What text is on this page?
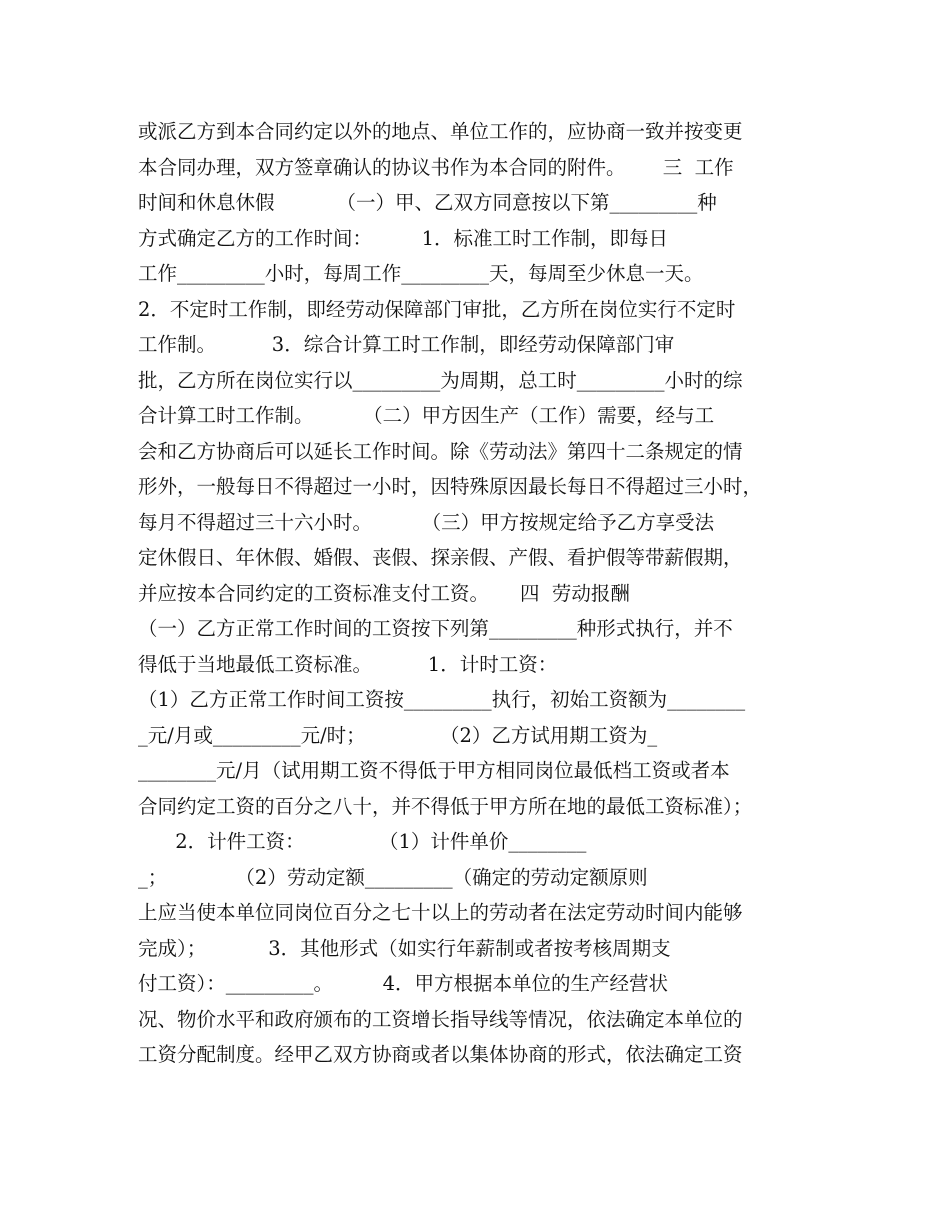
或派乙方到本合同约定以外的地点、单位工作的，应协商一致并按变更
本合同办理，双方签章确认的协议书作为本合同的附件。      三  工作
时间和休息休假          （一）甲、乙双方同意按以下第_________种
方式确定乙方的工作时间：        1．标准工时工作制，即每日
工作_________小时，每周工作_________天，每周至少休息一天。
2．不定时工作制，即经劳动保障部门审批，乙方所在岗位实行不定时
工作制。         3．综合计算工时工作制，即经劳动保障部门审
批，乙方所在岗位实行以_________为周期，总工时_________小时的综
合计算工时工作制。        （二）甲方因生产（工作）需要，经与工
会和乙方协商后可以延长工作时间。除《劳动法》第四十二条规定的情
形外，一般每日不得超过一小时，因特殊原因最长每日不得超过三小时，
每月不得超过三十六小时。        （三）甲方按规定给予乙方享受法
定休假日、年休假、婚假、丧假、探亲假、产假、看护假等带薪假期，
并应按本合同约定的工资标准支付工资。     四  劳动报酬
（一）乙方正常工作时间的工资按下列第_________种形式执行，并不
得低于当地最低工资标准。         1．计时工资：
（1）乙方正常工作时间工资按_________执行，初始工资额为________
_元/月或_________元/时；            （2）乙方试用期工资为_
________元/月（试用期工资不得低于甲方相同岗位最低档工资或者本
合同约定工资的百分之八十，并不得低于甲方所在地的最低工资标准）；
2．计件工资：            （1）计件单价________
_；           （2）劳动定额_________（确定的劳动定额原则
上应当使本单位同岗位百分之七十以上的劳动者在法定劳动时间内能够
完成）；          3．其他形式（如实行年薪制或者按考核周期支
付工资）：_________。        4．甲方根据本单位的生产经营状
况、物价水平和政府颁布的工资增长指导线等情况，依法确定本单位的
工资分配制度。经甲乙双方协商或者以集体协商的形式，依法确定工资
